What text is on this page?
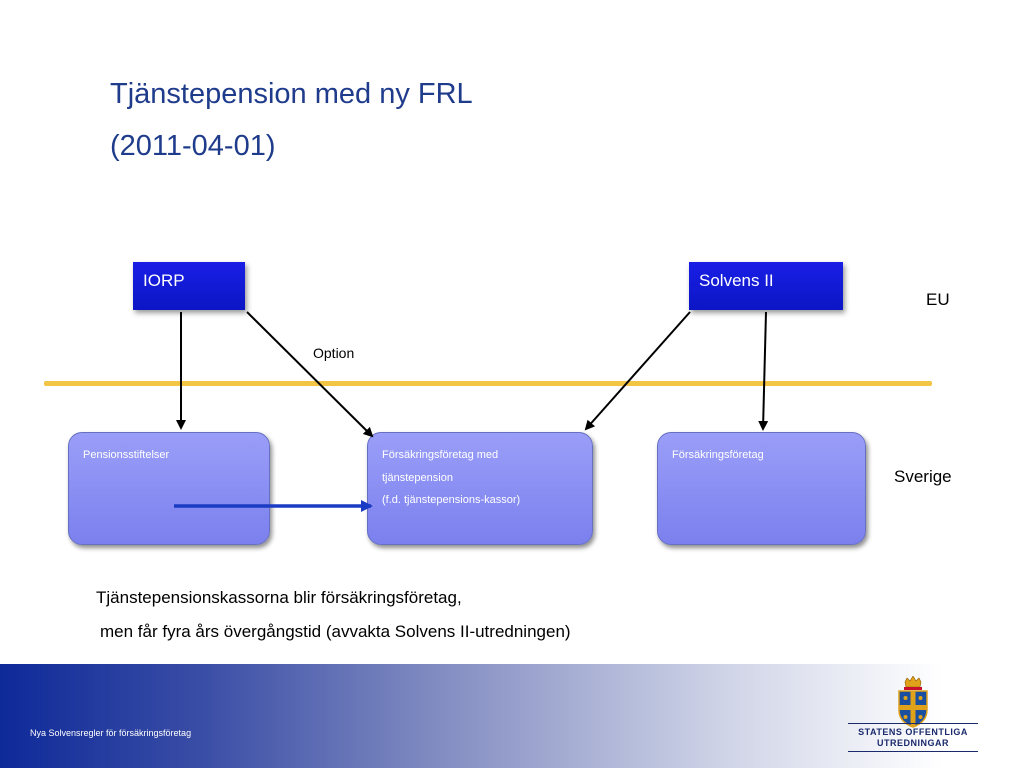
Tjänstepension med ny FRL
(2011-04-01)
IORP	Solvens II
EU
Sverige
Option
Pensionsstiftelser	Försäkringsföretag med
tjänstepension
(f.d. tjänstepensions-kassor)
Försäkringsföretag
Tjänstepensionskassorna blir försäkringsföretag,
men får fyra års övergångstid (avvakta Solvens II-utredningen)
Nya Solvensregler för försäkringsföretag	STATENS OFFENTLIGA
UTREDNINGAR
